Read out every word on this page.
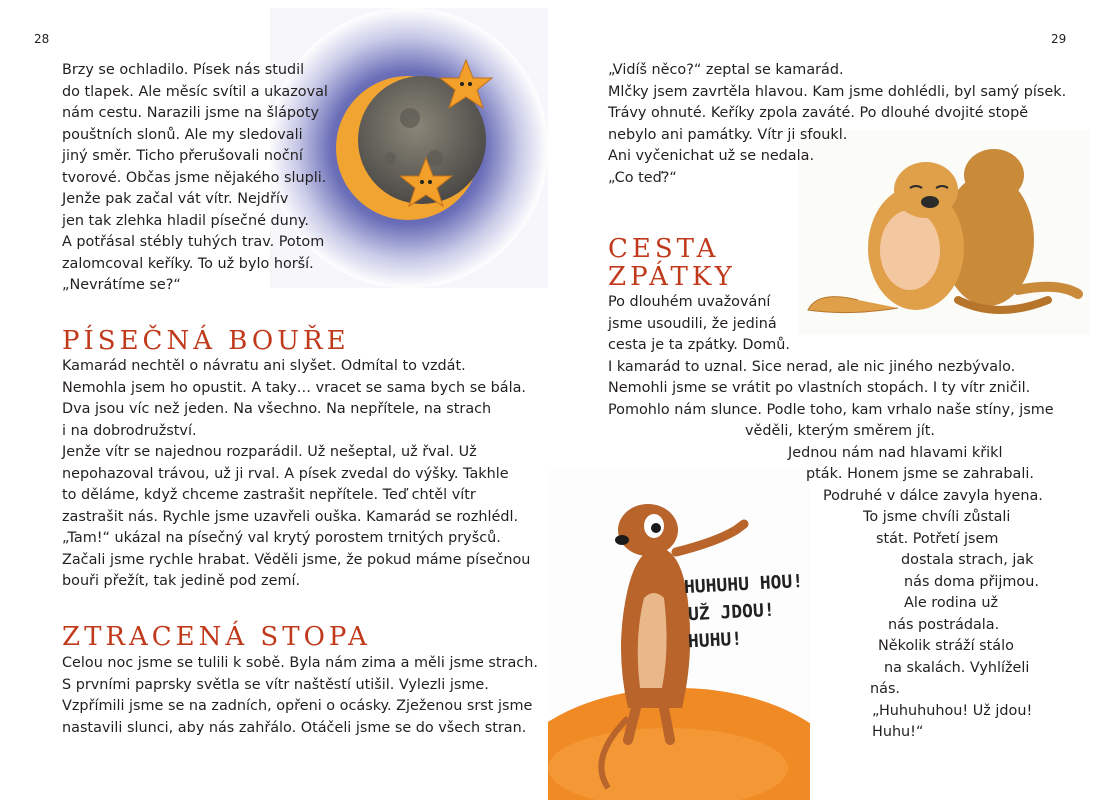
28
Brzy se ochladilo. Písek nás studil
do tlapek. Ale měsíc svítil a ukazoval
nám cestu. Narazili jsme na šlápoty
pouštních slonů. Ale my sledovali
jiný směr. Ticho přerušovali noční
tvorové. Občas jsme nějakého slupli.
Jenže pak začal vát vítr. Nejdřív
jen tak zlehka hladil písečné duny.
A potřásal stébly tuhých trav. Potom
zalomcoval keříky. To už bylo horší.
„Nevrátíme se?“
PÍSEČNÁ BOUŘE
Kamarád nechtěl o návratu ani slyšet. Odmítal to vzdát.
Nemohla jsem ho opustit. A taky… vracet se sama bych se bála.
Dva jsou víc než jeden. Na všechno. Na nepřítele, na strach
i na dobrodružství.
Jenže vítr se najednou rozparádil. Už nešeptal, už řval. Už
nepohazoval trávou, už ji rval. A písek zvedal do výšky. Takhle
to děláme, když chceme zastrašit nepřítele. Teď chtěl vítr
zastrašit nás. Rychle jsme uzavřeli ouška. Kamarád se rozhlédl.
„Tam!“ ukázal na písečný val krytý porostem trnitých pryšců.
Začali jsme rychle hrabat. Věděli jsme, že pokud máme písečnou
bouři přežít, tak jedině pod zemí.
ZTRACENÁ STOPA
Celou noc jsme se tulili k sobě. Byla nám zima a měli jsme strach.
S prvními paprsky světla se vítr naštěstí utišil. Vylezli jsme.
Vzpřímili jsme se na zadních, opřeni o ocásky. Zježenou srst jsme
nastavili slunci, aby nás zahřálo. Otáčeli jsme se do všech stran.
29
„Vidíš něco?“ zeptal se kamarád.
Mlčky jsem zavrtěla hlavou. Kam jsme dohlédli, byl samý písek.
Trávy ohnuté. Keříky zpola zaváté. Po dlouhé dvojité stopě
nebylo ani památky. Vítr ji sfoukl.
Ani vyčenichat už se nedala.
„Co teď?“
CESTA
ZPÁTKY
HUHUHU HOU!
UŽ JDOU!
HUHU!
Po dlouhém uvažování
jsme usoudili, že jediná
cesta je ta zpátky. Domů.
I kamarád to uznal. Sice nerad, ale nic jiného nezbývalo.
Nemohli jsme se vrátit po vlastních stopách. I ty vítr zničil.
Pomohlo nám slunce. Podle toho, kam vrhalo naše stíny, jsme
věděli, kterým směrem jít.
Jednou nám nad hlavami křikl
pták. Honem jsme se zahrabali.
Podruhé v dálce zavyla hyena.
To jsme chvíli zůstali
stát. Potřetí jsem
dostala strach, jak
nás doma přijmou.
Ale rodina už
nás postrádala.
Několik stráží stálo
na skalách. Vyhlíželi
nás.
„Huhuhuhou! Už jdou!
Huhu!“
